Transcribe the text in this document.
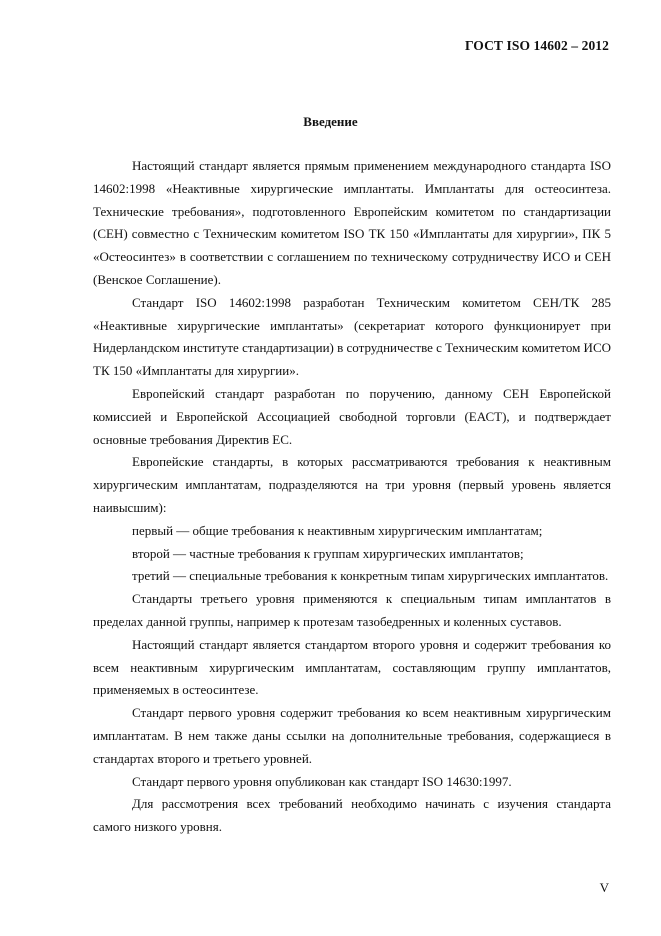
ГОСТ ISO 14602 – 2012
Введение

Настоящий стандарт является прямым применением международного стандарта ISO 14602:1998 «Неактивные хирургические имплантаты. Имплантаты для остеосинтеза. Технические требования», подготовленного Европейским комитетом по стандартизации (СЕН) совместно с Техническим комитетом ISO ТК 150 «Имплантаты для хирургии», ПК 5 «Остеосинтез» в соответствии с соглашением по техническому сотрудничеству ИСО и СЕН (Венское Соглашение).

Стандарт ISO 14602:1998 разработан Техническим комитетом СЕН/ТК 285 «Неактивные хирургические имплантаты» (секретариат которого функционирует при Нидерландском институте стандартизации) в сотрудничестве с Техническим комитетом ИСО ТК 150 «Имплантаты для хирургии».

Европейский стандарт разработан по поручению, данному СЕН Европейской комиссией и Европейской Ассоциацией свободной торговли (ЕАСТ), и подтверждает основные требования Директив ЕС.

Европейские стандарты, в которых рассматриваются требования к неактивным хирургическим имплантатам, подразделяются на три уровня (первый уровень является наивысшим):

первый — общие требования к неактивным хирургическим имплантатам;

второй — частные требования к группам хирургических имплантатов;

третий — специальные требования к конкретным типам хирургических имплантатов.

Стандарты третьего уровня применяются к специальным типам имплантатов в пределах данной группы, например к протезам тазобедренных и коленных суставов.

Настоящий стандарт является стандартом второго уровня и содержит требования ко всем неактивным хирургическим имплантатам, составляющим группу имплантатов, применяемых в остеосинтезе.

Стандарт первого уровня содержит требования ко всем неактивным хирургическим имплантатам. В нем также даны ссылки на дополнительные требования, содержащиеся в стандартах второго и третьего уровней.

Стандарт первого уровня опубликован как стандарт ISO 14630:1997.

Для рассмотрения всех требований необходимо начинать с изучения стандарта самого низкого уровня.

V
